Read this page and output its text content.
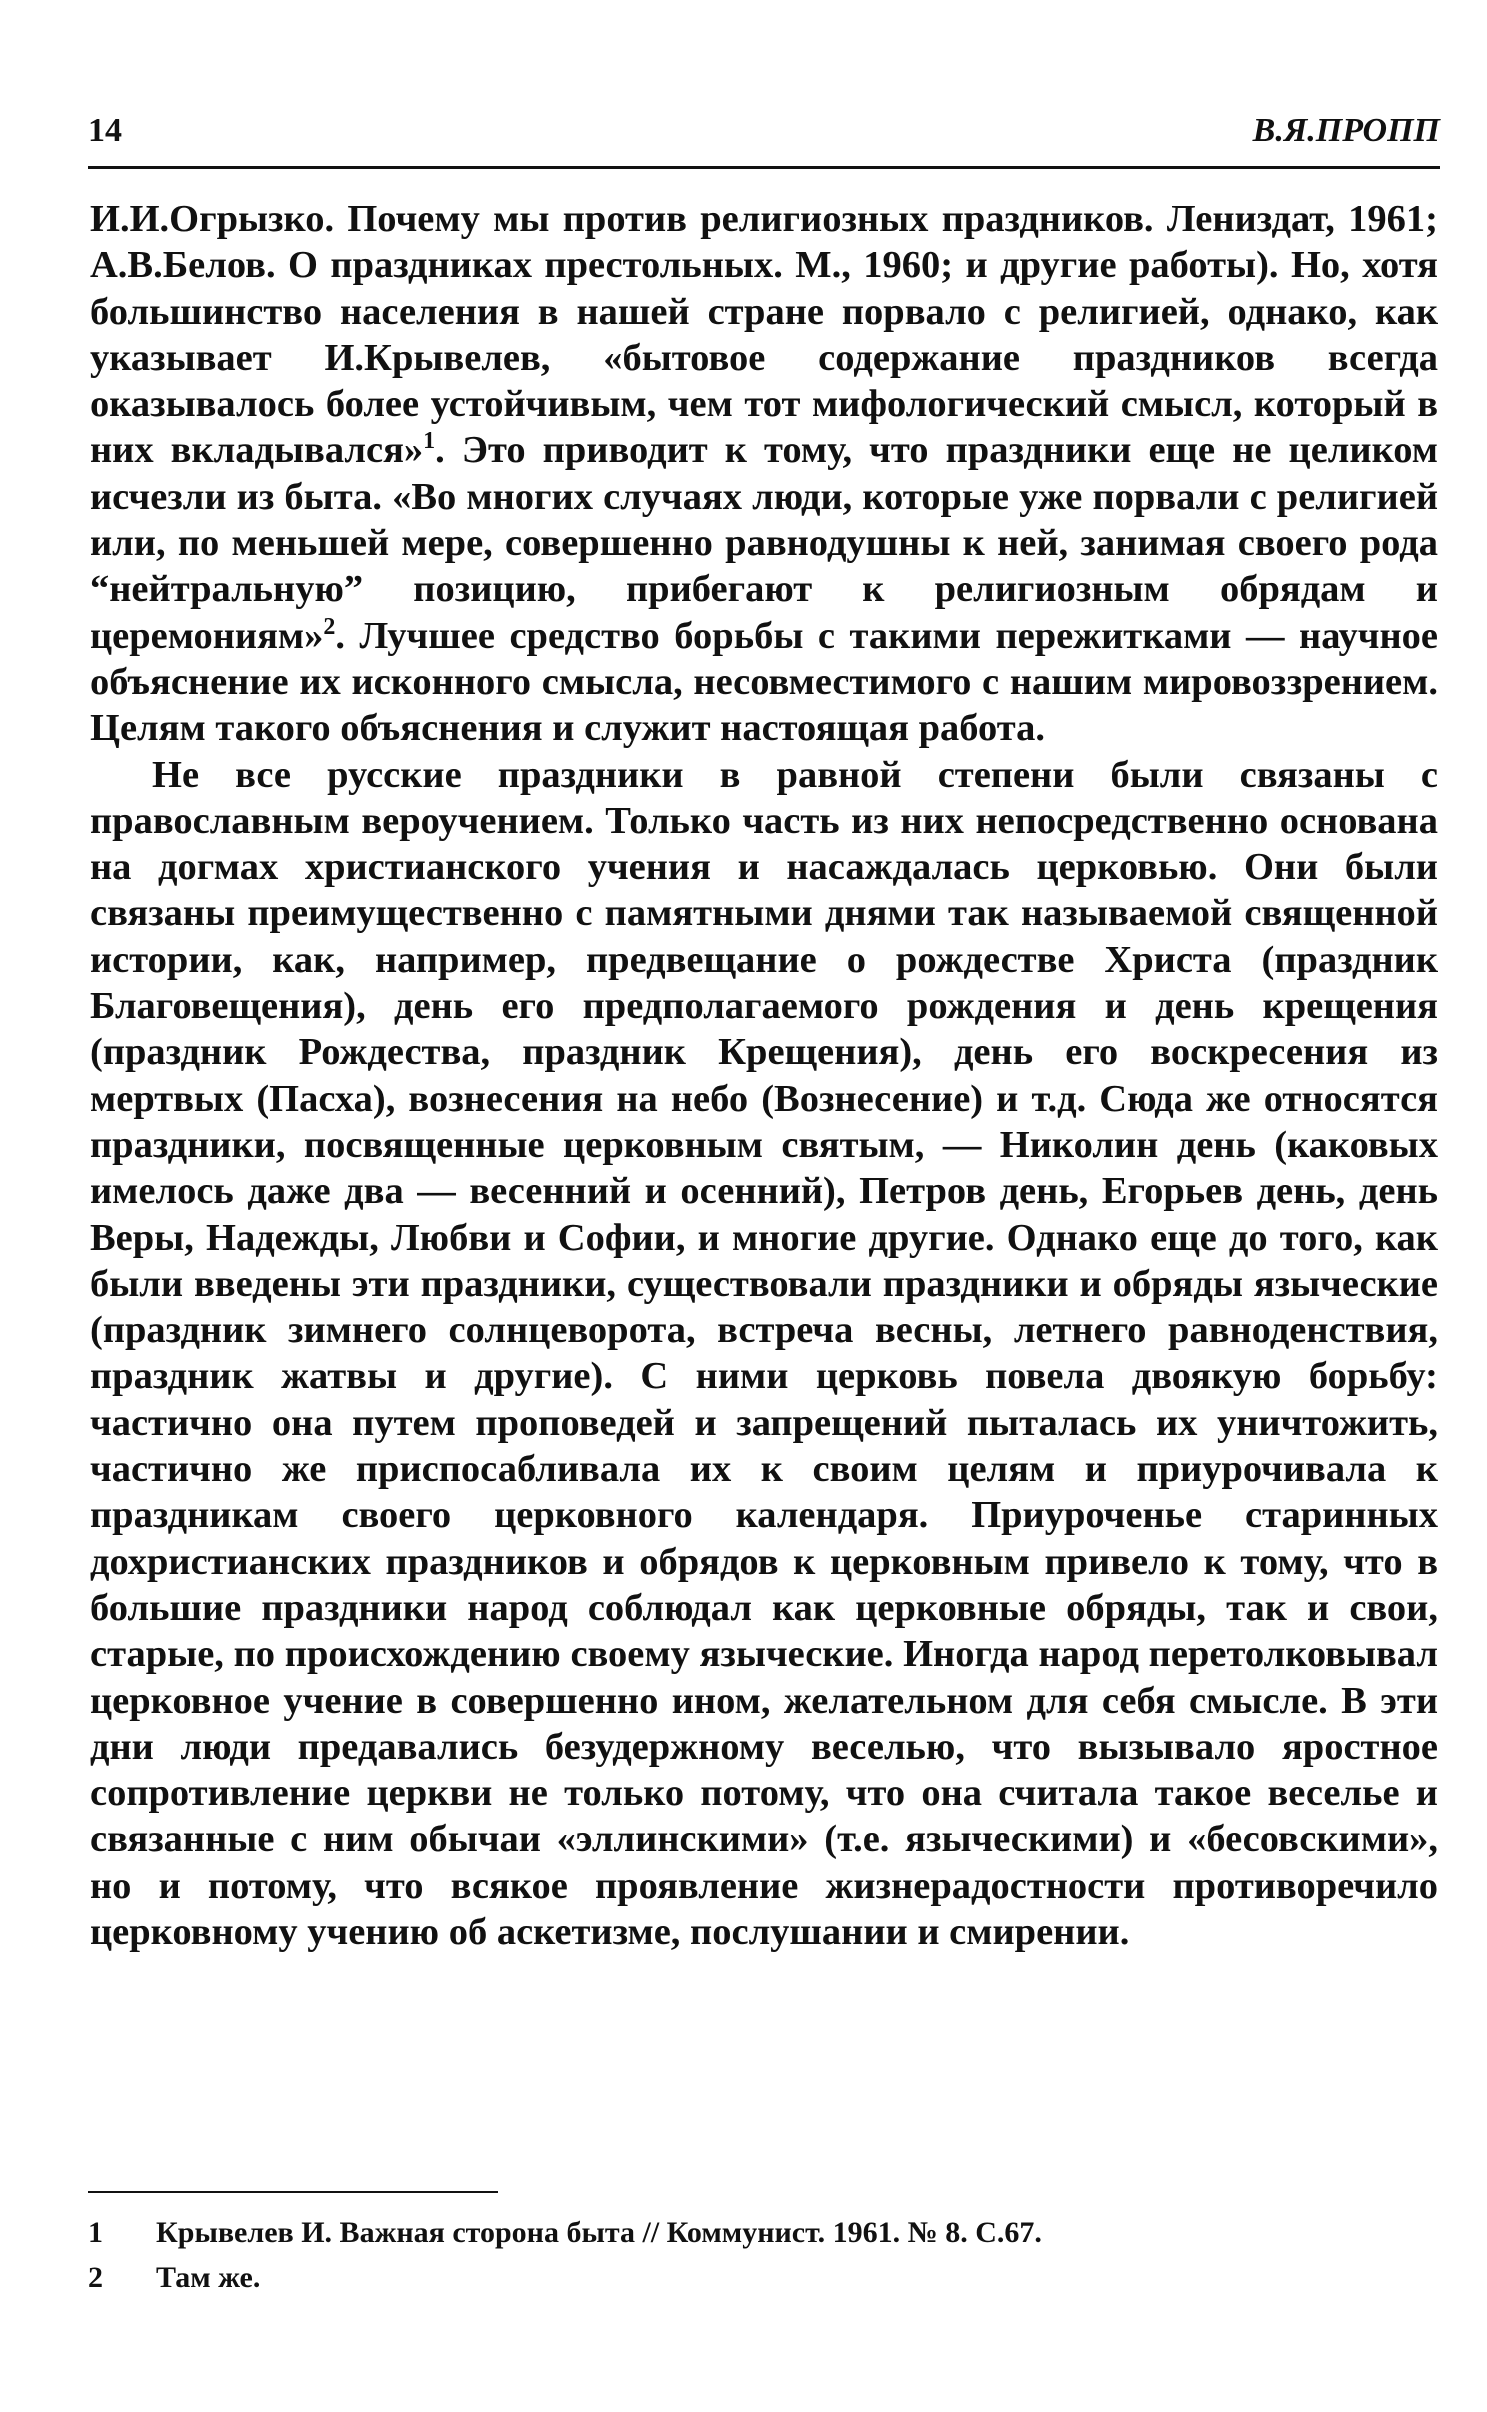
14	В.Я.ПРОПП

И.И.Огрызко. Почему мы против религиозных праздников. Лениздат, 1961; А.В.Белов. О праздниках престольных. М., 1960; и другие работы). Но, хотя большинство населения в нашей стране порвало с религией, однако, как указывает И.Крывелев, «бытовое содержание праздников всегда оказывалось более устойчивым, чем тот мифологический смысл, который в них вкладывался»$^1$. Это приводит к тому, что праздники еще не целиком исчезли из быта. «Во многих случаях люди, которые уже порвали с религией или, по меньшей мере, совершенно равнодушны к ней, занимая своего рода “нейтральную” позицию, прибегают к религиозным обрядам и церемониям»$^2$. Лучшее средство борьбы с такими пережитками — научное объяснение их исконного смысла, несовместимого с нашим мировоззрением. Целям такого объяснения и служит настоящая работа.

Не все русские праздники в равной степени были связаны с православным вероучением. Только часть из них непосредственно основана на догмах христианского учения и насаждалась церковью. Они были связаны преимущественно с памятными днями так называемой священной истории, как, например, предвещание о рождестве Христа (праздник Благовещения), день его предполагаемого рождения и день крещения (праздник Рождества, праздник Крещения), день его воскресения из мертвых (Пасха), вознесения на небо (Вознесение) и т.д. Сюда же относятся праздники, посвященные церковным святым, — Николин день (каковых имелось даже два — весенний и осенний), Петров день, Егорьев день, день Веры, Надежды, Любви и Софии, и многие другие. Однако еще до того, как были введены эти праздники, существовали праздники и обряды языческие (праздник зимнего солнцеворота, встреча весны, летнего равноденствия, праздник жатвы и другие). С ними церковь повела двоякую борьбу: частично она путем проповедей и запрещений пыталась их уничтожить, частично же приспосабливала их к своим целям и приурочивала к праздникам своего церковного календаря. Приуроченье старинных дохристианских праздников и обрядов к церковным привело к тому, что в большие праздники народ соблюдал как церковные обряды, так и свои, старые, по происхождению своему языческие. Иногда народ перетолковывал церковное учение в совершенно ином, желательном для себя смысле. В эти дни люди предавались безудержному веселью, что вызывало яростное сопротивление церкви не только потому, что она считала такое веселье и связанные с ним обычаи «эллинскими» (т.е. языческими) и «бесовскими», но и потому, что всякое проявление жизнерадостности противоречило церковному учению об аскетизме, послушании и смирении.

1	Крывелев И. Важная сторона быта // Коммунист. 1961. № 8. С.67.
2	Там же.
